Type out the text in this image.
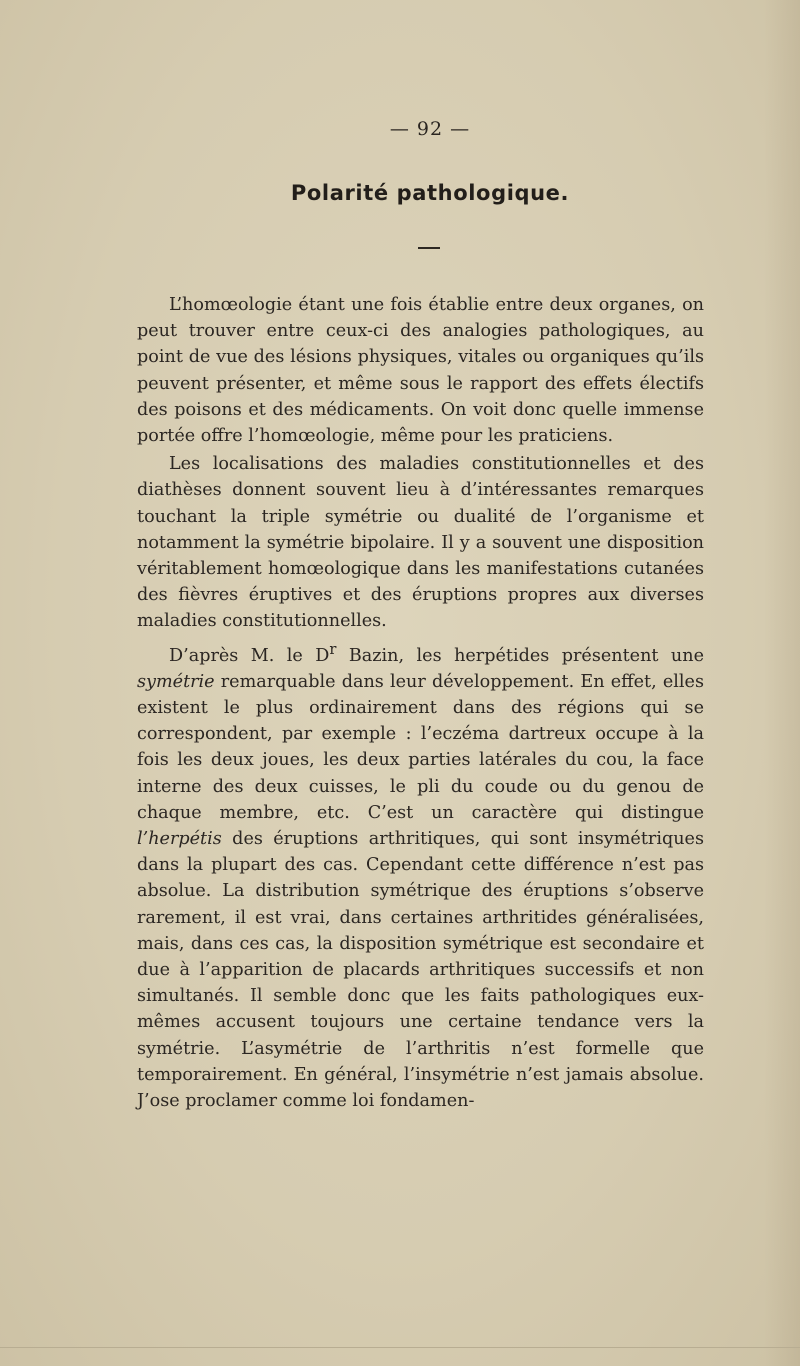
— 92 —
Polarité pathologique.

L’homœologie étant une fois établie entre deux organes, on peut trouver entre ceux-ci des analogies pathologiques, au point de vue des lésions physiques, vitales ou organiques qu’ils peuvent présenter, et même sous le rapport des effets électifs des poisons et des médicaments. On voit donc quelle immense portée offre l’homœologie, même pour les praticiens.

Les localisations des maladies constitutionnelles et des diathèses donnent souvent lieu à d’intéressantes remarques touchant la triple symétrie ou dualité de l’organisme et notamment la symétrie bipolaire. Il y a souvent une disposition véritablement homœologique dans les manifestations cutanées des fièvres éruptives et des éruptions propres aux diverses maladies constitutionnelles.

D’après M. le $D^r$ Bazin, les herpétides présentent une symétrie remarquable dans leur développement. En effet, elles existent le plus ordinairement dans des régions qui se correspondent, par exemple : l’eczéma dartreux occupe à la fois les deux joues, les deux parties latérales du cou, la face interne des deux cuisses, le pli du coude ou du genou de chaque membre, etc. C’est un caractère qui distingue l’herpétis des éruptions arthritiques, qui sont insymétriques dans la plupart des cas. Cependant cette différence n’est pas absolue. La distribution symétrique des éruptions s’observe rarement, il est vrai, dans certaines arthritides généralisées, mais, dans ces cas, la disposition symétrique est secondaire et due à l’apparition de placards arthritiques successifs et non simultanés. Il semble donc que les faits pathologiques eux-mêmes accusent toujours une certaine tendance vers la symétrie. L’asymétrie de l’arthritis n’est formelle que temporairement. En général, l’insymétrie n’est jamais absolue. J’ose proclamer comme loi fondamen-
